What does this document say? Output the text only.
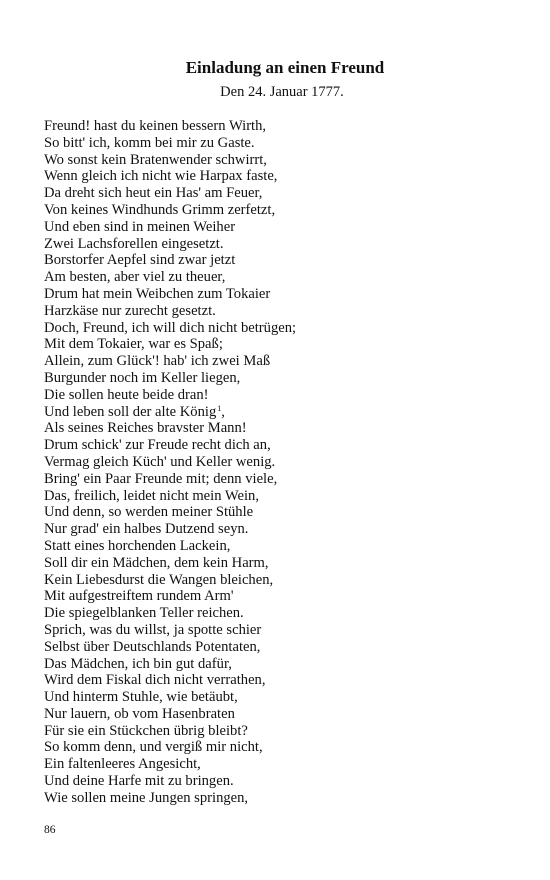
Einladung an einen Freund
Den 24. Januar 1777.
Freund! hast du keinen bessern Wirth,
So bitt' ich, komm bei mir zu Gaste.
Wo sonst kein Bratenwender schwirrt,
Wenn gleich ich nicht wie Harpax faste,
Da dreht sich heut ein Has' am Feuer,
Von keines Windhunds Grimm zerfetzt,
Und eben sind in meinen Weiher
Zwei Lachsforellen eingesetzt.
Borstorfer Aepfel sind zwar jetzt
Am besten, aber viel zu theuer,
Drum hat mein Weibchen zum Tokaier
Harzkäse nur zurecht gesetzt.
Doch, Freund, ich will dich nicht betrügen;
Mit dem Tokaier, war es Spaß;
Allein, zum Glück'! hab' ich zwei Maß
Burgunder noch im Keller liegen,
Die sollen heute beide dran!
Und leben soll der alte König$^1$,
Als seines Reiches bravster Mann!
Drum schick' zur Freude recht dich an,
Vermag gleich Küch' und Keller wenig.
Bring' ein Paar Freunde mit; denn viele,
Das, freilich, leidet nicht mein Wein,
Und denn, so werden meiner Stühle
Nur grad' ein halbes Dutzend seyn.
Statt eines horchenden Lackein,
Soll dir ein Mädchen, dem kein Harm,
Kein Liebesdurst die Wangen bleichen,
Mit aufgestreiftem rundem Arm'
Die spiegelblanken Teller reichen.
Sprich, was du willst, ja spotte schier
Selbst über Deutschlands Potentaten,
Das Mädchen, ich bin gut dafür,
Wird dem Fiskal dich nicht verrathen,
Und hinterm Stuhle, wie betäubt,
Nur lauern, ob vom Hasenbraten
Für sie ein Stückchen übrig bleibt?
So komm denn, und vergiß mir nicht,
Ein faltenleeres Angesicht,
Und deine Harfe mit zu bringen.
Wie sollen meine Jungen springen,
86
